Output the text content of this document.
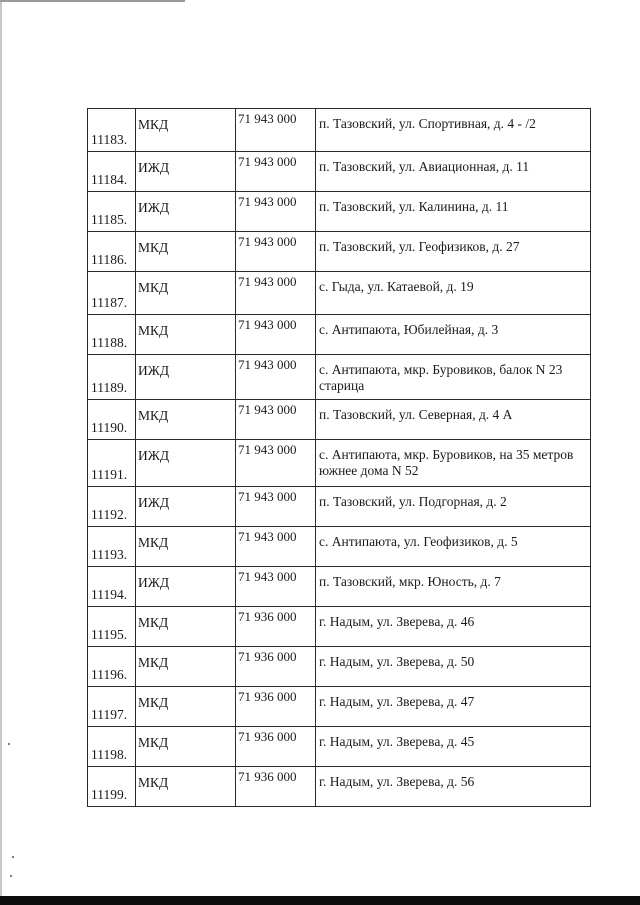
11183.	МКД	71 943 000	п. Тазовский, ул. Спортивная, д. 4 - /2
11184.	ИЖД	71 943 000	п. Тазовский, ул. Авиационная, д. 11
11185.	ИЖД	71 943 000	п. Тазовский, ул. Калинина, д. 11
11186.	МКД	71 943 000	п. Тазовский, ул. Геофизиков, д. 27
11187.	МКД	71 943 000	с. Гыда, ул. Катаевой, д. 19
11188.	МКД	71 943 000	с. Антипаюта, Юбилейная, д. 3
11189.	ИЖД	71 943 000	с. Антипаюта, мкр. Буровиков, балок N 23 старица
11190.	МКД	71 943 000	п. Тазовский, ул. Северная, д. 4 А
11191.	ИЖД	71 943 000	с. Антипаюта, мкр. Буровиков, на 35 метров южнее дома N 52
11192.	ИЖД	71 943 000	п. Тазовский, ул. Подгорная, д. 2
11193.	МКД	71 943 000	с. Антипаюта, ул. Геофизиков, д. 5
11194.	ИЖД	71 943 000	п. Тазовский, мкр. Юность, д. 7
11195.	МКД	71 936 000	г. Надым, ул. Зверева, д. 46
11196.	МКД	71 936 000	г. Надым, ул. Зверева, д. 50
11197.	МКД	71 936 000	г. Надым, ул. Зверева, д. 47
11198.	МКД	71 936 000	г. Надым, ул. Зверева, д. 45
11199.	МКД	71 936 000	г. Надым, ул. Зверева, д. 56
